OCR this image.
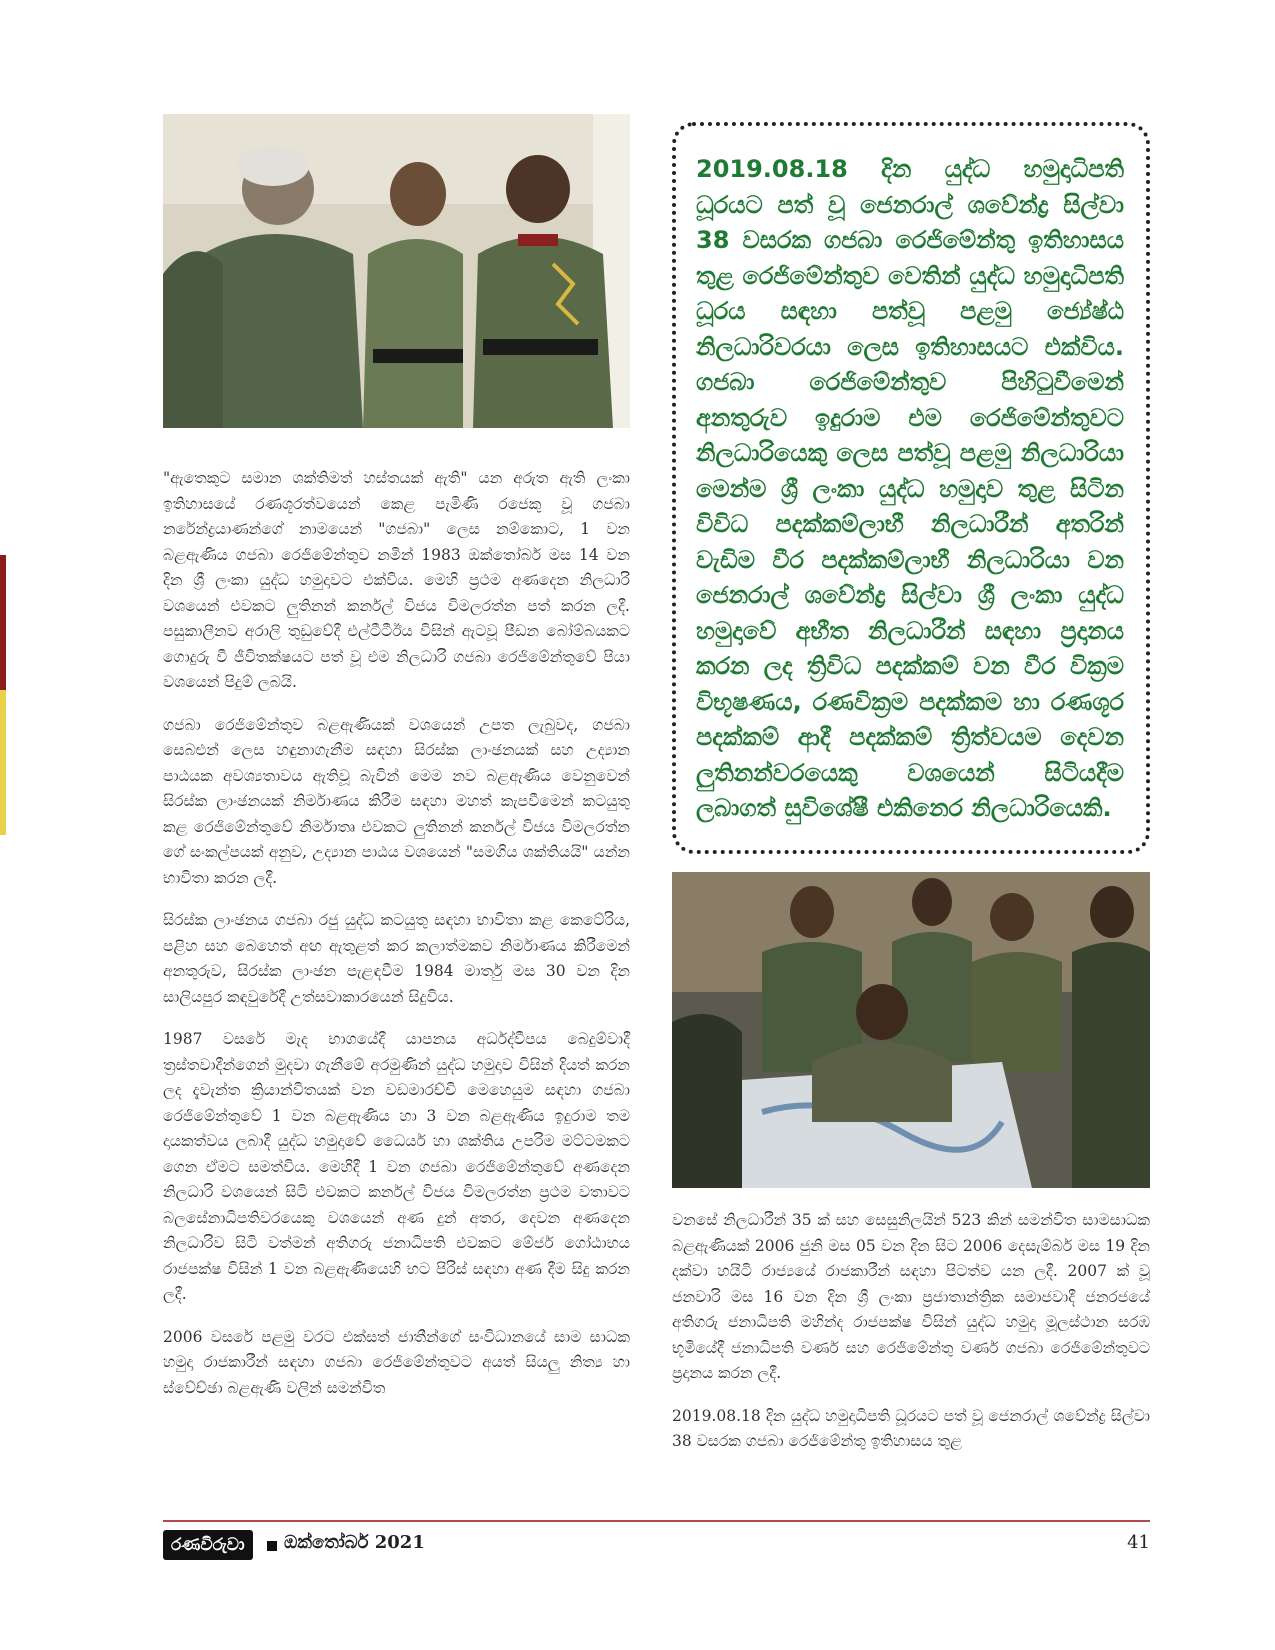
2019.08.18 දින යුද්ධ හමුදාධිපති ධූරයට පත් වූ ජෙනරාල් ශවේන්ද්‍ර සිල්වා 38 වසරක ගජබා රෙජිමේන්තු ඉතිහාසය තුළ රෙජිමේන්තුව වෙතින් යුද්ධ හමුදාධිපති ධූරය සඳහා පත්වූ පළමු ජ්‍යේෂ්ඨ නිලධාරිවරයා ලෙස ඉතිහාසයට එක්විය. ගජබා රෙජිමේන්තුව පිහිටුවීමෙන් අනතුරුව ඉදුරාම එම රෙජිමේන්තුවට නිලධාරියෙකු ලෙස පත්වූ පළමු නිලධාරියා මෙන්ම ශ්‍රී ලංකා යුද්ධ හමුදාව තුළ සිටින විවිධ පදක්කම්ලාභී නිලධාරීන් අතරින් වැඩිම වීර පදක්කම්ලාභී නිලධාරියා වන ජෙනරාල් ශවේන්ද්‍ර සිල්වා ශ්‍රී ලංකා යුද්ධ හමුදාවේ අභීත නිලධාරීන් සඳහා ප්‍රදානය කරන ලද ත්‍රිවිධ පදක්කම් වන වීර වික්‍රම විභූෂණය, රණවික්‍රම පදක්කම හා රණශූර පදක්කම් ආදී පදක්කම් ත්‍රිත්වයම දෙවන ලුතිනන්වරයෙකු වශයෙන් සිටියදීම ලබාගත් සුවිශේෂී එකිනෙර නිලධාරියෙකි.

"ඇතෙකුට සමාන ශක්තිමත් හස්තයක් ඇති" යන අරුත ඇති ලංකා ඉතිහාසයේ රණශූරත්වයෙන් කෙළ පැමිණි රජෙකු වූ ගජබා නරේන්ද්‍රයාණන්ගේ නාමයෙන් "ගජබා" ලෙස නම්කොට, 1 වන බළඇණිය ගජබා රෙජිමේන්තුව නමින් 1983 ඔක්තෝබර් මස 14 වන දින ශ්‍රී ලංකා යුද්ධ හමුදාවට එක්විය. මෙහි ප්‍රථම අණදෙන නිලධාරි වශයෙන් එවකට ලුතිනන් කර්නල් විජය විමලරත්න පත් කරන ලදී. පසුකාලීනව අරාලි තුඩුවේදී එල්ටීටීඊය විසින් ඇටවූ පීඩන බෝම්බයකට ගොදුරු වී ජීවිතක්ෂයට පත් වූ එම නිලධාරි ගජබා රෙජිමේන්තුවේ පියා වශයෙන් පිදුම් ලබයි.

ගජබා රෙජිමේන්තුව බළඇණියක් වශයෙන් උපත ලැබුවද, ගජබා සෙබළුන් ලෙස හඳුනාගැනීම සඳහා සිරස්ක ලාංඡනයක් සහ උද්‍යාන පාඨයක අවශ්‍යතාවය ඇතිවූ බැවින් මෙම නව බළඇණිය වෙනුවෙන් සිරස්ක ලාංඡනයක් නිර්මාණය කිරීම සඳහා මහත් කැපවීමෙන් කටයුතු කළ රෙජිමේන්තුවේ නිර්මාතෘ එවකට ලුතිනන් කර්නල් විජය විමලරත්න ගේ සංකල්පයක් අනුව, උද්‍යාන පාඨය වශයෙන් "සමගිය ශක්තියයි" යන්න භාවිතා කරන ලදී.

සිරස්ක ලාංඡනය ගජබා රජු යුද්ධ කටයුතු සඳහා භාවිතා කළ කෙටේරිය, පළිහ සහ බෙහෙත් අඟ ඇතුළත් කර කලාත්මකව නිර්මාණය කිරීමෙන් අනතුරුව, සිරස්ක ලාංඡන පැළඳවීම 1984 මාර්තු මස 30 වන දින සාලියපුර කඳවුරේදී උත්සවාකාරයෙන් සිදුවිය.

1987 වසරේ මැද භාගයේදී යාපනය අර්ධද්වීපය බෙදුම්වාදී ත්‍රස්තවාදීන්ගෙන් මුදවා ගැනීමේ අරමුණින් යුද්ධ හමුදාව විසින් දියත් කරන ලද දැවැන්ත ක්‍රියාන්විතයක් වන වඩමාරච්චි මෙහෙයුම සඳහා ගජබා රෙජිමේන්තුවේ 1 වන බළඇණිය හා 3 වන බළඇණිය ඉදුරාම තම දායකත්වය ලබාදී යුද්ධ හමුදාවේ ධෛර්ය හා ශක්තිය උපරිම මට්ටමකට ගෙන ඒමට සමත්විය. මෙහිදී 1 වන ගජබා රෙජිමේන්තුවේ අණදෙන නිලධාරි වශයෙන් සිටි එවකට කර්නල් විජය විමලරත්න ප්‍රථම වතාවට බලසේනාධිපතිවරයෙකු වශයෙන් අණ දුන් අතර, දෙවන අණදෙන නිලධාරිව සිටි වත්මන් අතිගරු ජනාධිපති එවකට මේජර් ගෝඨාභය රාජපක්ෂ විසින් 1 වන බළඇණියෙහි භට පිරිස් සඳහා අණ දීම සිදු කරන ලදී.

2006 වසරේ පළමු වරට එක්සත් ජාතීන්ගේ සංවිධානයේ සාම සාධක හමුදා රාජකාරීන් සඳහා ගජබා රෙජිමේන්තුවට අයත් සියලු නිත්‍ය හා ස්වේච්ඡා බළඇණි වලින් සමන්විත

වනසේ නිලධාරීන් 35 ක් සහ සෙසුනිලයින් 523 කින් සමන්විත සාමසාධක බළඇණියක් 2006 ජුනි මස 05 වන දින සිට 2006 දෙසැම්බර් මස 19 දින දක්වා හයිටි රාජ්‍යයේ රාජකාරීන් සඳහා පිටත්ව යන ලදී. 2007 ක් වූ ජනවාරි මස 16 වන දින ශ්‍රී ලංකා ප්‍රජාතාන්ත්‍රික සමාජවාදී ජනරජයේ අතිගරු ජනාධිපති මහින්ද රාජපක්ෂ විසින් යුද්ධ හමුදා මූලස්ථාන සරඹ භූමියේදී ජනාධිපති වර්ණ සහ රෙජිමේන්තු වර්ණ ගජබා රෙජිමේන්තුවට ප්‍රදානය කරන ලදී.

2019.08.18 දින යුද්ධ හමුදාධිපති ධූරයට පත් වූ ජෙනරාල් ශවේන්ද්‍ර සිල්වා 38 වසරක ගජබා රෙජිමේන්තු ඉතිහාසය තුළ

රණවිරුවා	ඔක්තෝබර් 2021	41
